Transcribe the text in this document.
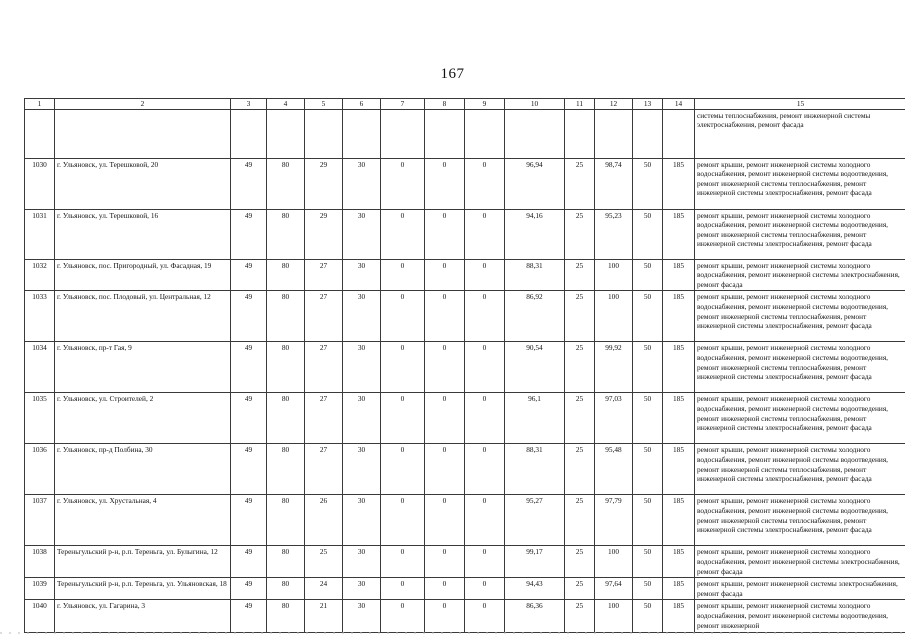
167
1	2	3	4	5	6	7	8	9	10	11	12	13	14	15
														системы теплоснабжения, ремонт инженерной системы электроснабжения, ремонт фасада
1030	г. Ульяновск, ул. Терешковой, 20	49	80	29	30	0	0	0	96,94	25	98,74	50	185	ремонт крыши, ремонт инженерной системы холодного водоснабжения, ремонт инженерной системы водоотведения, ремонт инженерной системы теплоснабжения, ремонт инженерной системы электроснабжения, ремонт фасада
1031	г. Ульяновск, ул. Терешковой, 16	49	80	29	30	0	0	0	94,16	25	95,23	50	185	ремонт крыши, ремонт инженерной системы холодного водоснабжения, ремонт инженерной системы водоотведения, ремонт инженерной системы теплоснабжения, ремонт инженерной системы электроснабжения, ремонт фасада
1032	г. Ульяновск, пос. Пригородный, ул. Фасадная, 19	49	80	27	30	0	0	0	88,31	25	100	50	185	ремонт крыши, ремонт инженерной системы холодного водоснабжения, ремонт инженерной системы электроснабжения, ремонт фасада
1033	г. Ульяновск, пос. Плодовый, ул. Центральная, 12	49	80	27	30	0	0	0	86,92	25	100	50	185	ремонт крыши, ремонт инженерной системы холодного водоснабжения, ремонт инженерной системы водоотведения, ремонт инженерной системы теплоснабжения, ремонт инженерной системы электроснабжения, ремонт фасада
1034	г. Ульяновск, пр-т Гая, 9	49	80	27	30	0	0	0	90,54	25	99,92	50	185	ремонт крыши, ремонт инженерной системы холодного водоснабжения, ремонт инженерной системы водоотведения, ремонт инженерной системы теплоснабжения, ремонт инженерной системы электроснабжения, ремонт фасада
1035	г. Ульяновск, ул. Строителей, 2	49	80	27	30	0	0	0	96,1	25	97,03	50	185	ремонт крыши, ремонт инженерной системы холодного водоснабжения, ремонт инженерной системы водоотведения, ремонт инженерной системы теплоснабжения, ремонт инженерной системы электроснабжения, ремонт фасада
1036	г. Ульяновск, пр-д Полбина, 30	49	80	27	30	0	0	0	88,31	25	95,48	50	185	ремонт крыши, ремонт инженерной системы холодного водоснабжения, ремонт инженерной системы водоотведения, ремонт инженерной системы теплоснабжения, ремонт инженерной системы электроснабжения, ремонт фасада
1037	г. Ульяновск, ул. Хрустальная, 4	49	80	26	30	0	0	0	95,27	25	97,79	50	185	ремонт крыши, ремонт инженерной системы холодного водоснабжения, ремонт инженерной системы водоотведения, ремонт инженерной системы теплоснабжения, ремонт инженерной системы электроснабжения, ремонт фасада
1038	Тереньгульский р-н, р.п. Тереньга, ул. Булыгина, 12	49	80	25	30	0	0	0	99,17	25	100	50	185	ремонт крыши, ремонт инженерной системы холодного водоснабжения, ремонт инженерной системы электроснабжения, ремонт фасада
1039	Тереньгульский р-н, р.п. Тереньга, ул. Ульяновская, 18	49	80	24	30	0	0	0	94,43	25	97,64	50	185	ремонт крыши, ремонт инженерной системы электроснабжения, ремонт фасада
1040	г. Ульяновск, ул. Гагарина, 3	49	80	21	30	0	0	0	86,36	25	100	50	185	ремонт крыши, ремонт инженерной системы холодного водоснабжения, ремонт инженерной системы водоотведения, ремонт инженерной
